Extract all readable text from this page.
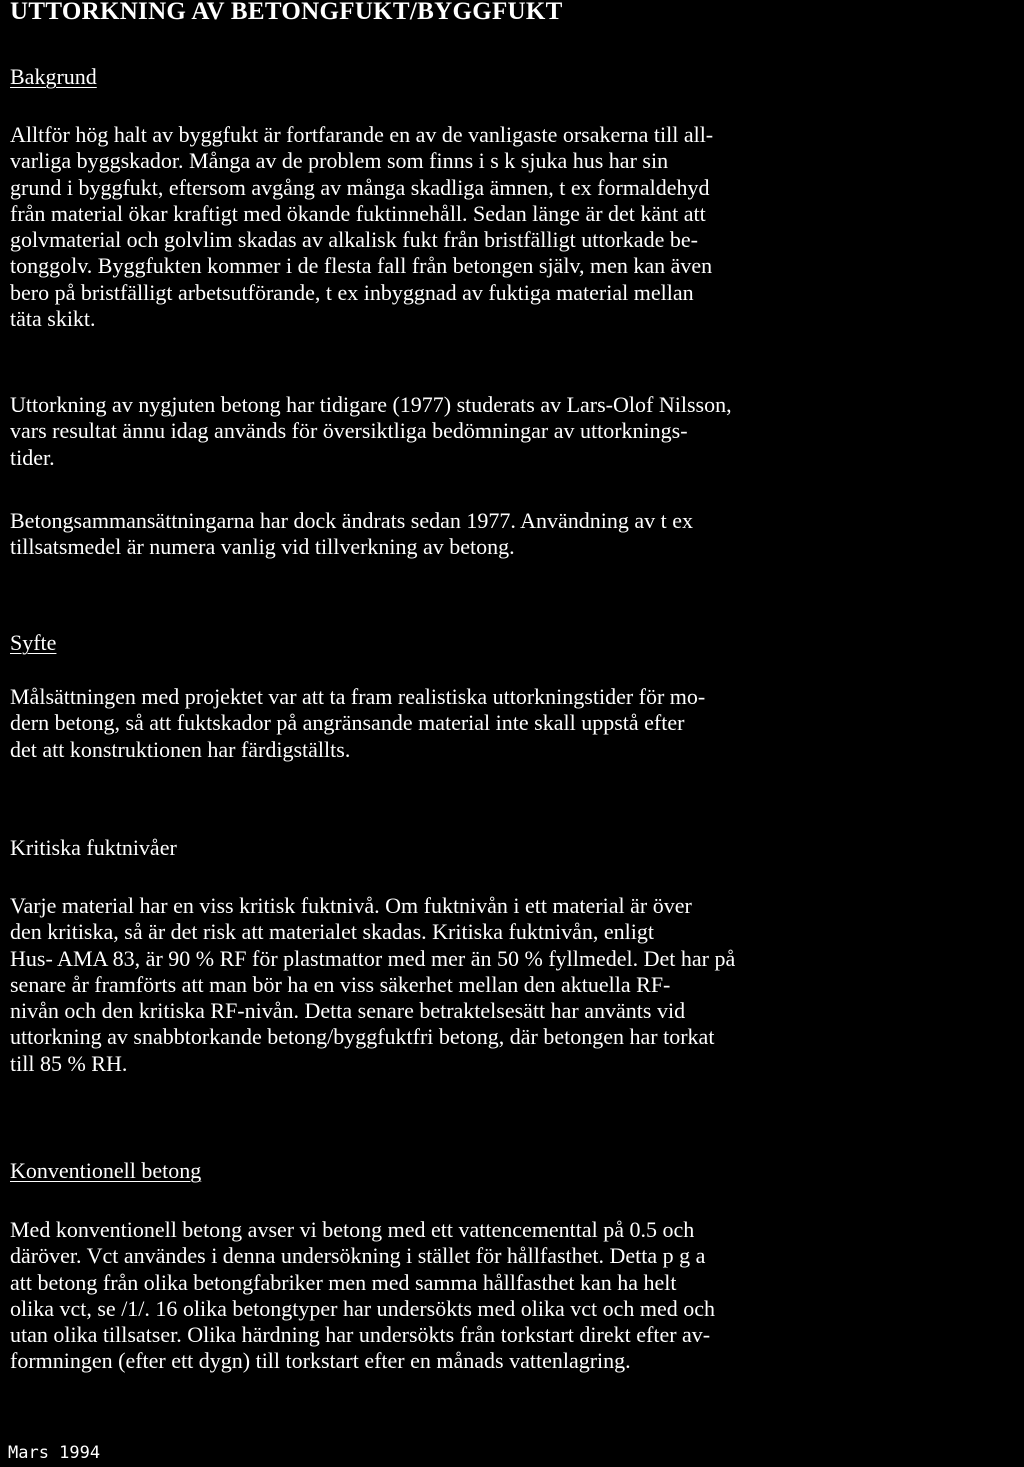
UTTORKNING AV BETONGFUKT/BYGGFUKT
Bakgrund

Alltför hög halt av byggfukt är fortfarande en av de vanligaste orsakerna till all-
varliga byggskador. Många av de problem som finns i s k sjuka hus har sin
grund i byggfukt, eftersom avgång av många skadliga ämnen, t ex formaldehyd
från material ökar kraftigt med ökande fuktinnehåll. Sedan länge är det känt att
golvmaterial och golvlim skadas av alkalisk fukt från bristfälligt uttorkade be-
tonggolv. Byggfukten kommer i de flesta fall från betongen själv, men kan även
bero på bristfälligt arbetsutförande, t ex inbyggnad av fuktiga material mellan
täta skikt.

Uttorkning av nygjuten betong har tidigare (1977) studerats av Lars-Olof Nilsson,
vars resultat ännu idag används för översiktliga bedömningar av uttorknings-
tider.

Betongsammansättningarna har dock ändrats sedan 1977. Användning av t ex
tillsatsmedel är numera vanlig vid tillverkning av betong.

Syfte

Målsättningen med projektet var att ta fram realistiska uttorkningstider för mo-
dern betong, så att fuktskador på angränsande material inte skall uppstå efter
det att konstruktionen har färdigställts.

Kritiska fuktnivåer

Varje material har en viss kritisk fuktnivå. Om fuktnivån i ett material är över
den kritiska, så är det risk att materialet skadas. Kritiska fuktnivån, enligt
Hus- AMA 83, är 90 % RF för plastmattor med mer än 50 % fyllmedel. Det har på
senare år framförts att man bör ha en viss säkerhet mellan den aktuella RF-
nivån och den kritiska RF-nivån. Detta senare betraktelsesätt har använts vid
uttorkning av snabbtorkande betong/byggfuktfri betong, där betongen har torkat
till 85 % RH.

Konventionell betong

Med konventionell betong avser vi betong med ett vattencementtal på 0.5 och
däröver. Vct användes i denna undersökning i stället för hållfasthet. Detta p g a
att betong från olika betongfabriker men med samma hållfasthet kan ha helt
olika vct, se /1/. 16 olika betongtyper har undersökts med olika vct och med och
utan olika tillsatser. Olika härdning har undersökts från torkstart direkt efter av-
formningen (efter ett dygn) till torkstart efter en månads vattenlagring.

Mars 1994
